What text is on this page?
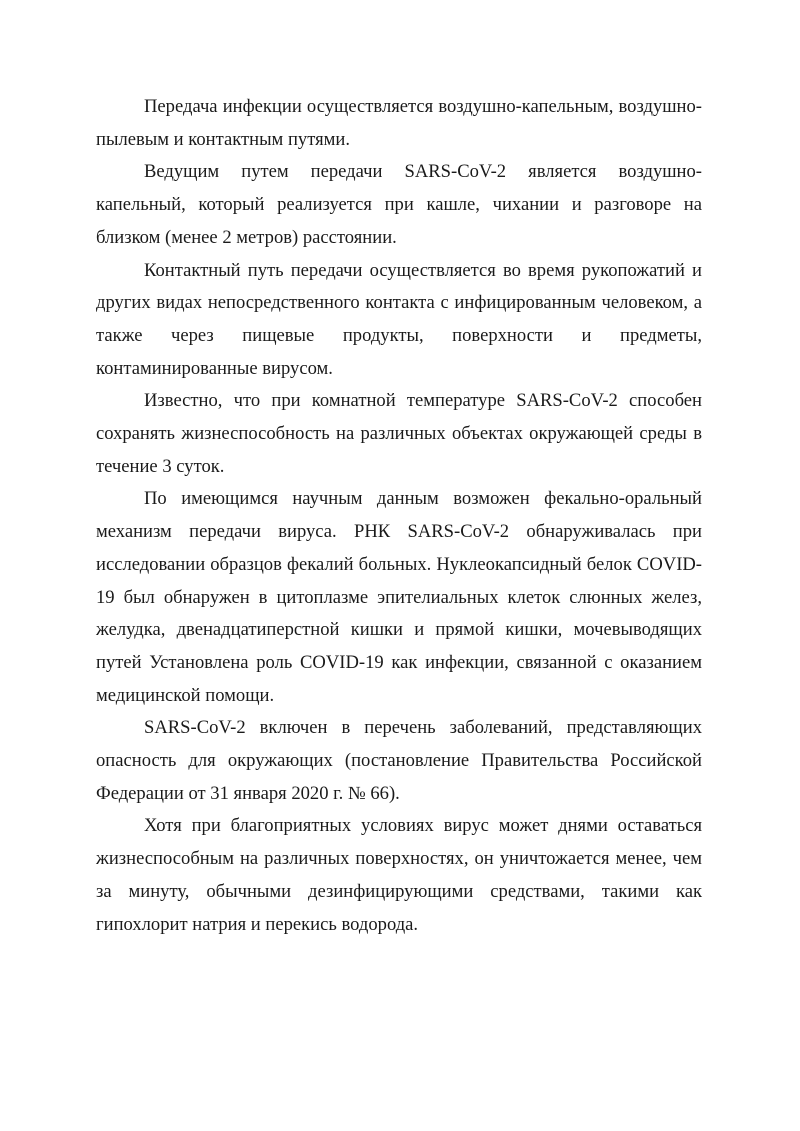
Передача инфекции осуществляется воздушно-капельным, воздушно-пылевым и контактным путями.

Ведущим путем передачи SARS-CoV-2 является воздушно-капельный, который реализуется при кашле, чихании и разговоре на близком (менее 2 метров) расстоянии.

Контактный путь передачи осуществляется во время рукопожатий и других видах непосредственного контакта с инфицированным человеком, а также через пищевые продукты, поверхности и предметы, контаминированные вирусом.

Известно, что при комнатной температуре SARS-CoV-2 способен сохранять жизнеспособность на различных объектах окружающей среды в течение 3 суток.

По имеющимся научным данным возможен фекально-оральный механизм передачи вируса. РНК SARS-CoV-2 обнаруживалась при исследовании образцов фекалий больных. Нуклеокапсидный белок COVID-19 был обнаружен в цитоплазме эпителиальных клеток слюнных желез, желудка, двенадцатиперстной кишки и прямой кишки, мочевыводящих путей Установлена роль COVID-19 как инфекции, связанной с оказанием медицинской помощи.

SARS-CoV-2 включен в перечень заболеваний, представляющих опасность для окружающих (постановление Правительства Российской Федерации от 31 января 2020 г. № 66).

Хотя при благоприятных условиях вирус может днями оставаться жизнеспособным на различных поверхностях, он уничтожается менее, чем за минуту, обычными дезинфицирующими средствами, такими как гипохлорит натрия и перекись водорода.
